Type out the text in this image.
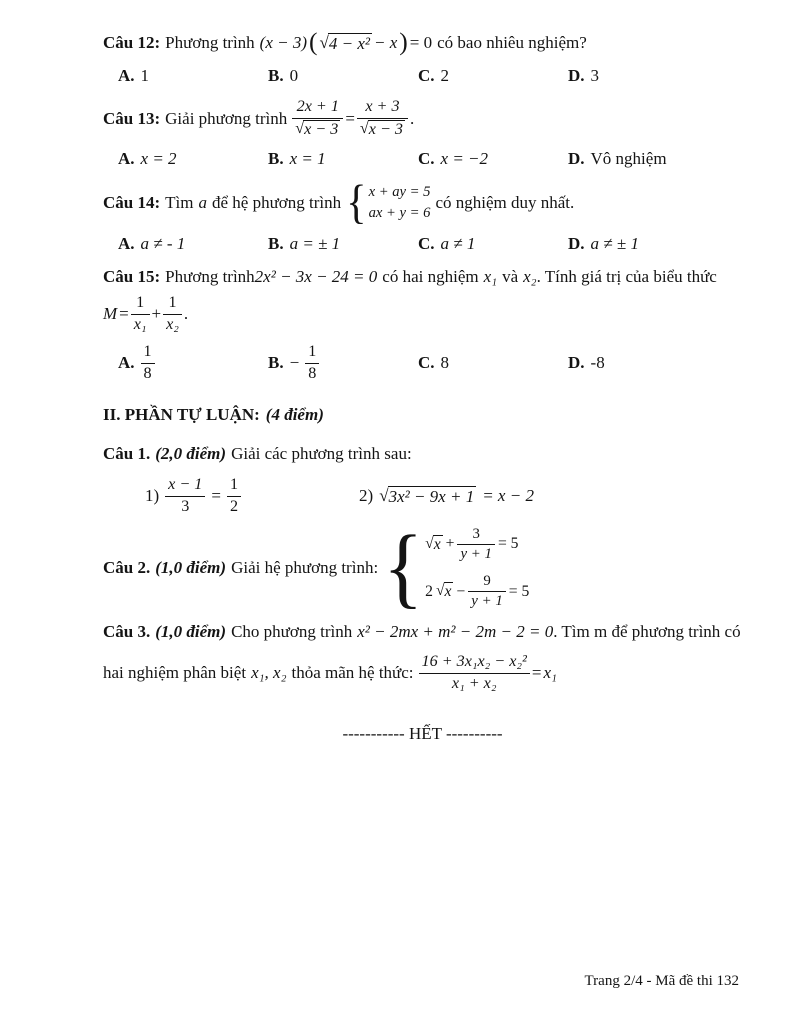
Câu 12: Phương trình (x − 3) ( √ 4 − x² − x ) = 0 có bao nhiêu nghiệm?
A. 1	B. 0	C. 2	D. 3
Câu 13: Giải phương trình $\frac{2x + 1}{√ x - 3} = \frac{x + 3}{√ x - 3}$ .
A. x = 2	B. x = 1	C. x = −2	D. Vô nghiệm
Câu 14: Tìm a để hệ phương trình { x + ay = 5
ax + y = 6
có nghiệm duy nhất.
A. a ≠ - 1	B. a = ± 1	C. a ≠ 1	D. a ≠ ± 1
Câu 15: Phương trình 2x² − 3x − 24 = 0 có hai nghiệm x₁ và x₂ . Tính giá trị của biểu thức
$M = \frac{1}{\text{x₁}} + \frac{1}{\text{x₂}}$ .
A. $\frac{1}{8}$	B. − $\frac{1}{8}$	C. 8	D. -8
II. PHẦN TỰ LUẬN: (4 điểm)
Câu 1. (2,0 điểm) Giải các phương trình sau:
$1) \frac{x - 1}{3} = \frac{1}{2}$	2) √ 3x² − 9x + 1 = x − 2
Câu 2. (1,0 điểm) Giải hệ phương trình: { √ $x + \frac{3}{y + 1} = 5$
2 √ $x - \frac{9}{y + 1} = 5$
Câu 3. (1,0 điểm) Cho phương trình x² − 2mx + m² − 2m − 2 = 0 . Tìm m để phương trình có
hai nghiệm phân biệt x₁, x₂ thỏa mãn hệ thức: $\frac{\text{16 + 3x₁x₂ − x₂²}}{\text{x₁ + x₂}} = x_1$
----------- HẾT ----------
Trang 2/4 - Mã đề thi 132
